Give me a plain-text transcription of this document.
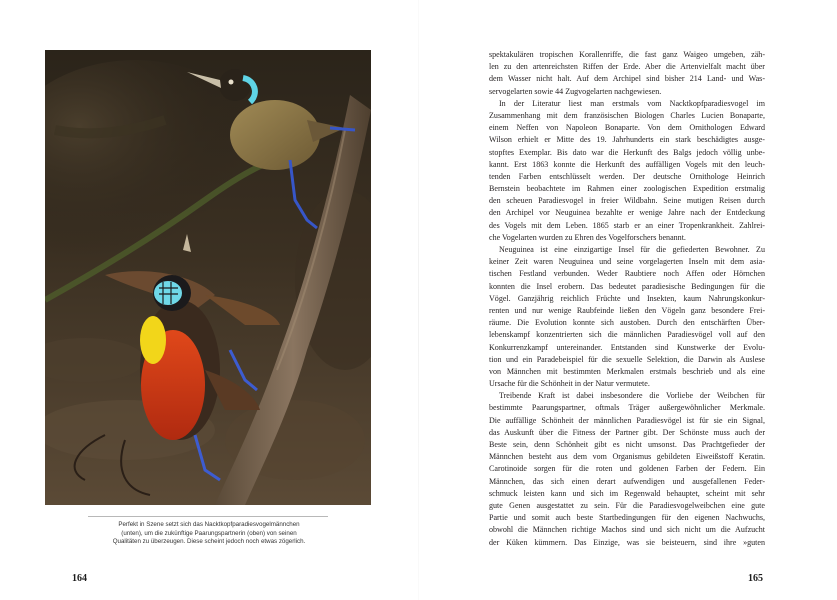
Perfekt in Szene setzt sich das Nacktkopfparadiesvogelmännchen
(unten), um die zukünftige Paarungspartnerin (oben) von seinen
Qualitäten zu überzeugen. Diese scheint jedoch noch etwas zögerlich.
164
spektakulären tropischen Korallenriffe, die fast ganz Waigeo umgeben, zäh-
len zu den artenreichsten Riffen der Erde. Aber die Artenvielfalt macht über
dem Wasser nicht halt. Auf dem Archipel sind bisher 214 Land- und Was-
servogelarten sowie 44 Zugvogelarten nachgewiesen.
In der Literatur liest man erstmals vom Nacktkopfparadiesvogel im
Zusammenhang mit dem französischen Biologen Charles Lucien Bonaparte,
einem Neffen von Napoleon Bonaparte. Von dem Ornithologen Edward
Wilson erhielt er Mitte des 19. Jahrhunderts ein stark beschädigtes ausge-
stopftes Exemplar. Bis dato war die Herkunft des Balgs jedoch völlig unbe-
kannt. Erst 1863 konnte die Herkunft des auffälligen Vogels mit den leuch-
tenden Farben entschlüsselt werden. Der deutsche Ornithologe Heinrich
Bernstein beobachtete im Rahmen einer zoologischen Expedition erstmalig
den scheuen Paradiesvogel in freier Wildbahn. Seine mutigen Reisen durch
den Archipel vor Neuguinea bezahlte er wenige Jahre nach der Entdeckung
des Vogels mit dem Leben. 1865 starb er an einer Tropenkrankheit. Zahlrei-
che Vogelarten wurden zu Ehren des Vogelforschers benannt.
Neuguinea ist eine einzigartige Insel für die gefiederten Bewohner. Zu
keiner Zeit waren Neuguinea und seine vorgelagerten Inseln mit dem asia-
tischen Festland verbunden. Weder Raubtiere noch Affen oder Hörnchen
konnten die Insel erobern. Das bedeutet paradiesische Bedingungen für die
Vögel. Ganzjährig reichlich Früchte und Insekten, kaum Nahrungskonkur-
renten und nur wenige Raubfeinde ließen den Vögeln ganz besondere Frei-
räume. Die Evolution konnte sich austoben. Durch den entschärften Über-
lebenskampf konzentrierten sich die männlichen Paradiesvögel voll auf den
Konkurrenzkampf untereinander. Entstanden sind Kunstwerke der Evolu-
tion und ein Paradebeispiel für die sexuelle Selektion, die Darwin als Auslese
von Männchen mit bestimmten Merkmalen erstmals beschrieb und als eine
Ursache für die Schönheit in der Natur vermutete.
Treibende Kraft ist dabei insbesondere die Vorliebe der Weibchen für
bestimmte Paarungspartner, oftmals Träger außergewöhnlicher Merkmale.
Die auffällige Schönheit der männlichen Paradiesvögel ist für sie ein Signal,
das Auskunft über die Fitness der Partner gibt. Der Schönste muss auch der
Beste sein, denn Schönheit gibt es nicht umsonst. Das Prachtgefieder der
Männchen besteht aus dem vom Organismus gebildeten Eiweißstoff Keratin.
Carotinoide sorgen für die roten und goldenen Farben der Federn. Ein
Männchen, das sich einen derart aufwendigen und ausgefallenen Feder-
schmuck leisten kann und sich im Regenwald behauptet, scheint mit sehr
gute Genen ausgestattet zu sein. Für die Paradiesvogelweibchen eine gute
Partie und somit auch beste Startbedingungen für den eigenen Nachwuchs,
obwohl die Männchen richtige Machos sind und sich nicht um die Aufzucht
der Küken kümmern. Das Einzige, was sie beisteuern, sind ihre »guten
165
